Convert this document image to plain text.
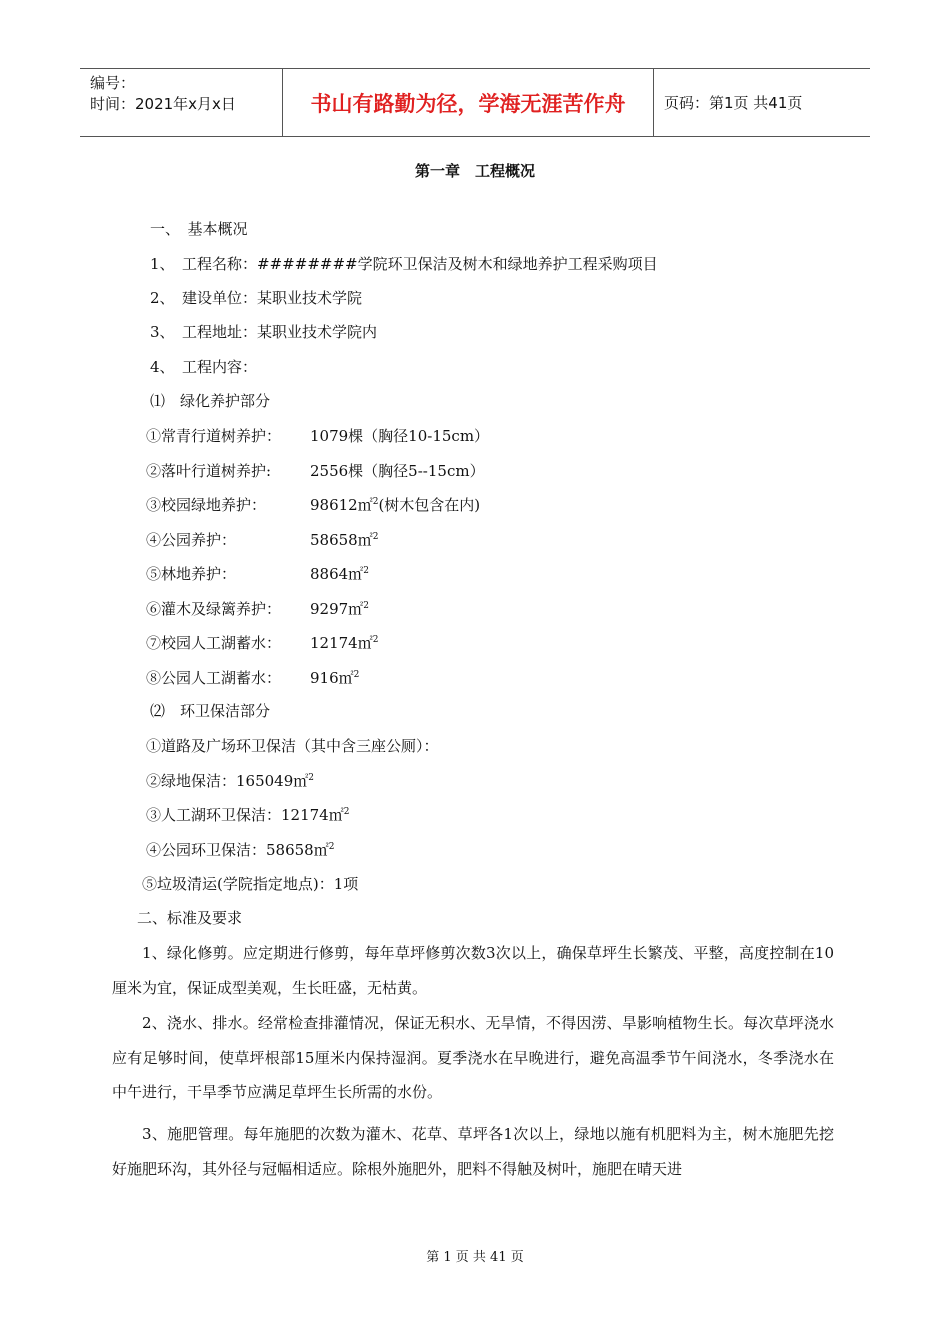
编号：
时间：2021年x月x日	书山有路勤为径，学海无涯苦作舟	页码：第1页 共41页
第一章　工程概况
一、　基本概况
1、　工程名称：########学院环卫保洁及树木和绿地养护工程采购项目
2、　建设单位：某职业技术学院
3、　工程地址：某职业技术学院内
4、　工程内容：
⑴　绿化养护部分
①常青行道树养护： 1079棵（胸径10-15cm）
②落叶行道树养护:	2556棵（胸径5--15cm）
③校园绿地养护：	98612㎡$^2$(树木包含在内)
④公园养护：	58658㎡$^2$
⑤林地养护：	8864㎡$^2$
⑥灌木及绿篱养护： 9297㎡$^2$
⑦校园人工湖蓄水： 12174㎡$^2$
⑧公园人工湖蓄水： 916㎡$^2$
⑵　环卫保洁部分
①道路及广场环卫保洁（其中含三座公厕）：
②绿地保洁：165049㎡$^2$
③人工湖环卫保洁：12174㎡$^2$
④公园环卫保洁：58658㎡$^2$
⑤垃圾清运(学院指定地点)：1项
二、标准及要求
1、绿化修剪。应定期进行修剪，每年草坪修剪次数3次以上，确保草坪生长繁茂、平整，高度控制在10厘米为宜，保证成型美观，生长旺盛，无枯黄。
2、浇水、排水。经常检查排灌情况，保证无积水、无旱情，不得因涝、旱影响植物生长。每次草坪浇水应有足够时间，使草坪根部15厘米内保持湿润。夏季浇水在早晚进行，避免高温季节午间浇水，冬季浇水在中午进行，干旱季节应满足草坪生长所需的水份。
3、施肥管理。每年施肥的次数为灌木、花草、草坪各1次以上，绿地以施有机肥料为主，树木施肥先挖好施肥环沟，其外径与冠幅相适应。除根外施肥外，肥料不得触及树叶，施肥在晴天进
第 1 页 共 41 页
